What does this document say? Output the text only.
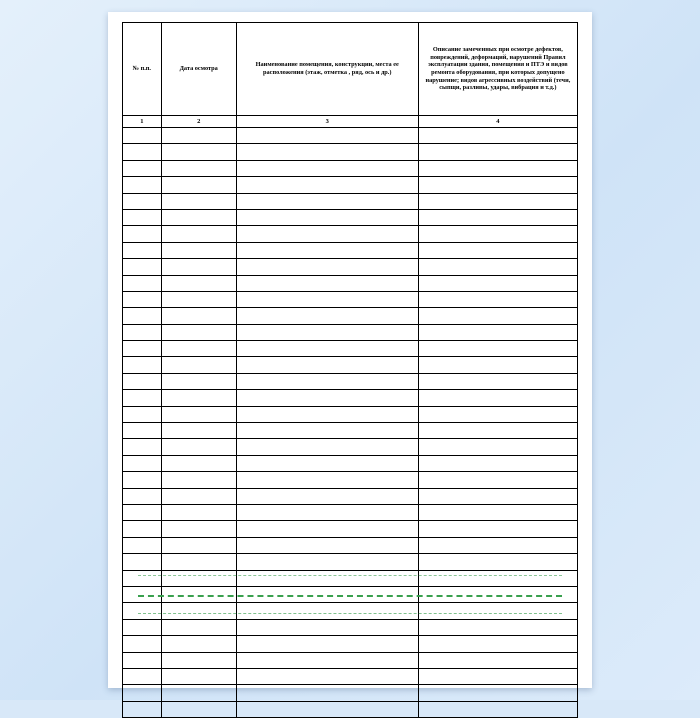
№ п.п.	Дата осмотра	Наименование помещения, конструкции, места ее расположения (этаж, отметка , ряд, ось и др.)	Описание замеченных при осмотре дефектов, повреждений, деформаций, нарушений Правил эксплуатации здания, помещения и ПТЭ и видов ремонта оборудования, при которых допущено нарушение; видов агрессивных воздействий (течи, сыпщи, разливы, удары, вибрация и т.д.)
1	2	3	4
